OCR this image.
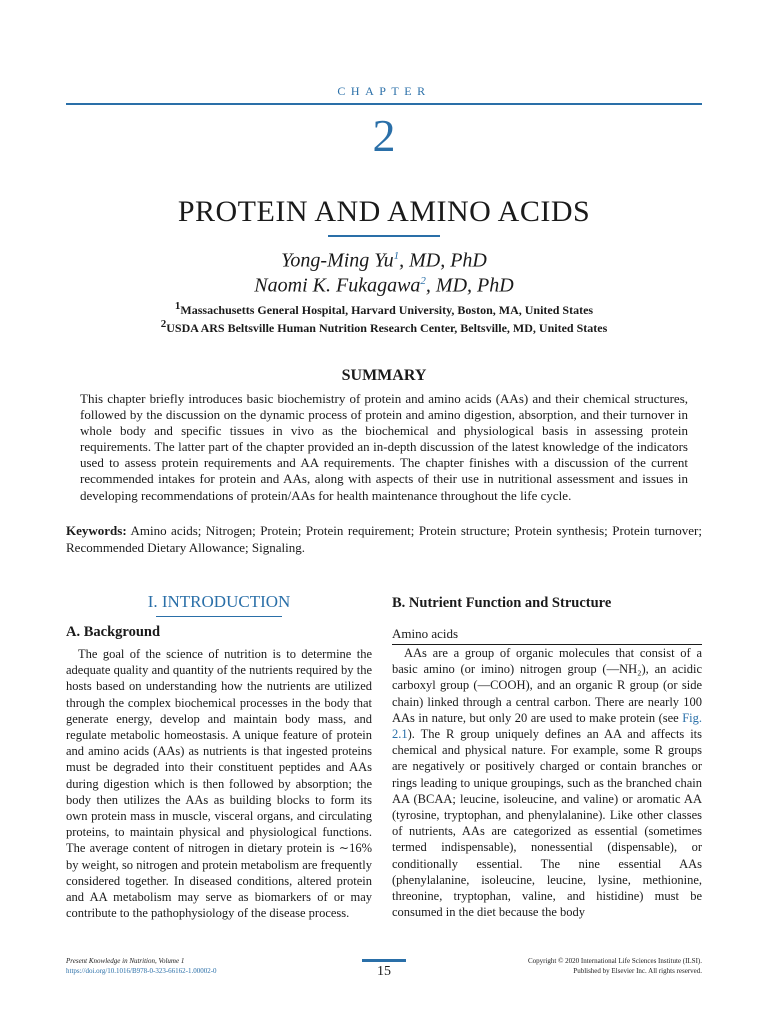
CHAPTER
2
PROTEIN AND AMINO ACIDS
Yong-Ming Yu$^1$, MD, PhD
Naomi K. Fukagawa$^2$, MD, PhD
$^1$Massachusetts General Hospital, Harvard University, Boston, MA, United States
$^2$USDA ARS Beltsville Human Nutrition Research Center, Beltsville, MD, United States
SUMMARY
This chapter briefly introduces basic biochemistry of protein and amino acids (AAs) and their chemical structures, followed by the discussion on the dynamic process of protein and amino digestion, absorption, and their turnover in whole body and specific tissues in vivo as the biochemical and physiological basis in assessing protein requirements. The latter part of the chapter provided an in-depth discussion of the latest knowledge of the indicators used to assess protein requirements and AA requirements. The chapter finishes with a discussion of the current recommended intakes for protein and AAs, along with aspects of their use in nutritional assessment and issues in developing recommendations of protein/AAs for health maintenance throughout the life cycle.
Keywords: Amino acids; Nitrogen; Protein; Protein requirement; Protein structure; Protein synthesis; Protein turnover; Recommended Dietary Allowance; Signaling.
I. INTRODUCTION
A. Background
The goal of the science of nutrition is to determine the adequate quality and quantity of the nutrients required by the hosts based on understanding how the nutrients are utilized through the complex biochemical processes in the body that generate energy, develop and maintain body mass, and regulate metabolic homeostasis. A unique feature of protein and amino acids (AAs) as nutrients is that ingested proteins must be degraded into their constituent peptides and AAs during digestion which is then followed by absorption; the body then utilizes the AAs as building blocks to form its own protein mass in muscle, visceral organs, and circulating proteins, to maintain physical and physiological functions. The average content of nitrogen in dietary protein is ∼16% by weight, so nitrogen and protein metabolism are frequently considered together. In diseased conditions, altered protein and AA metabolism may serve as biomarkers of or may contribute to the pathophysiology of the disease process.
B. Nutrient Function and Structure
Amino acids
AAs are a group of organic molecules that consist of a basic amino (or imino) nitrogen group (—NH₂), an acidic carboxyl group (—COOH), and an organic R group (or side chain) linked through a central carbon. There are nearly 100 AAs in nature, but only 20 are used to make protein (see Fig. 2.1). The R group uniquely defines an AA and affects its chemical and physical nature. For example, some R groups are negatively or positively charged or contain branches or rings leading to unique groupings, such as the branched chain AA (BCAA; leucine, isoleucine, and valine) or aromatic AA (tyrosine, tryptophan, and phenylalanine). Like other classes of nutrients, AAs are categorized as essential (sometimes termed indispensable), nonessential (dispensable), or conditionally essential. The nine essential AAs (phenylalanine, isoleucine, leucine, lysine, methionine, threonine, tryptophan, valine, and histidine) must be consumed in the diet because the body
Present Knowledge in Nutrition, Volume 1
https://doi.org/10.1016/B978-0-323-66162-1.00002-0	15
Copyright © 2020 International Life Sciences Institute (ILSI).
Published by Elsevier Inc. All rights reserved.
